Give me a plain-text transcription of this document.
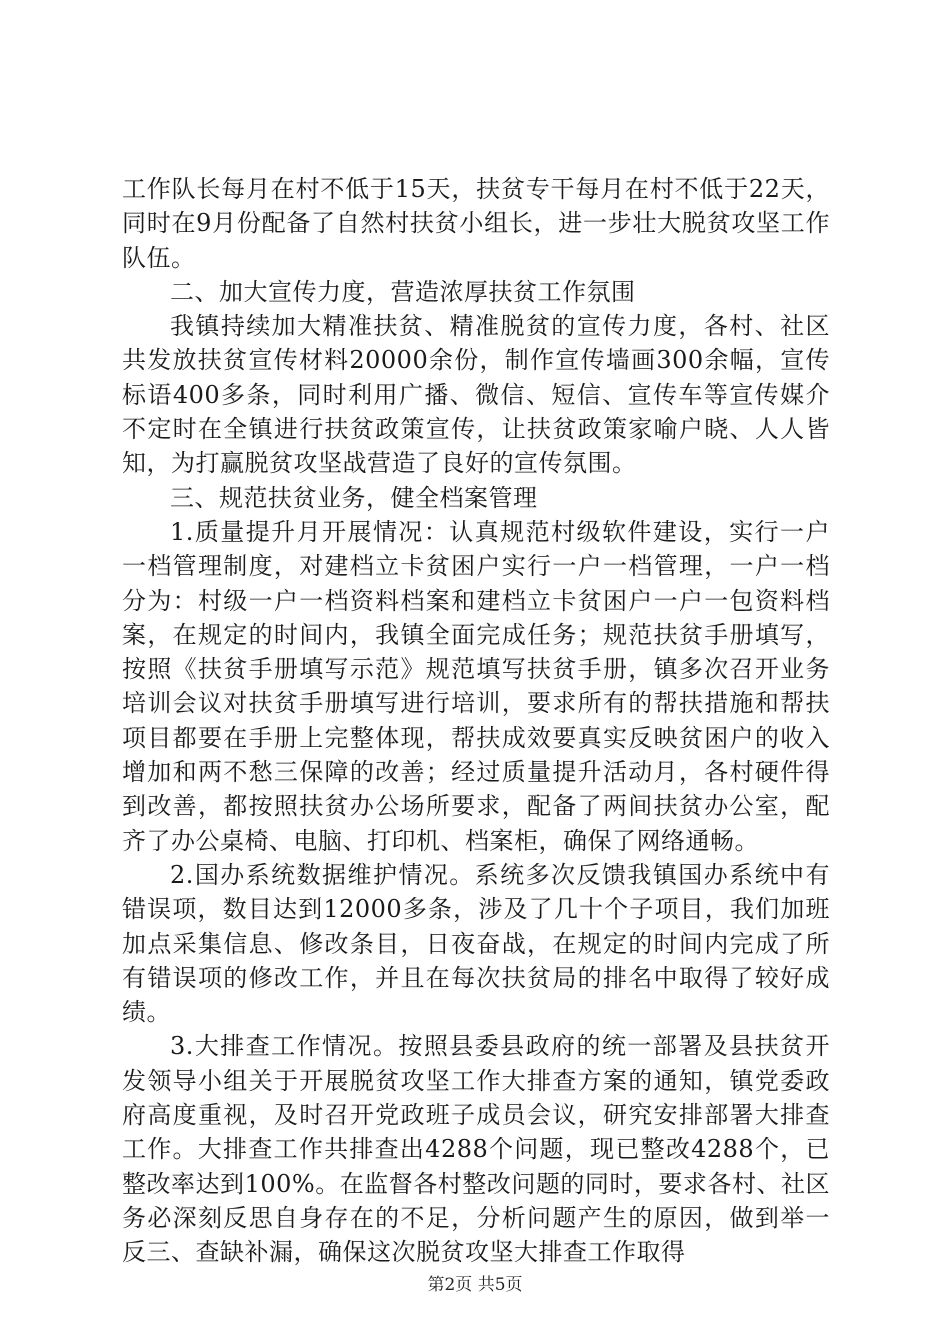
工作队长每月在村不低于15天，扶贫专干每月在村不低于22天，同时在9月份配备了自然村扶贫小组长，进一步壮大脱贫攻坚工作队伍。

二、加大宣传力度，营造浓厚扶贫工作氛围

我镇持续加大精准扶贫、精准脱贫的宣传力度，各村、社区共发放扶贫宣传材料20000余份，制作宣传墙画300余幅，宣传标语400多条，同时利用广播、微信、短信、宣传车等宣传媒介不定时在全镇进行扶贫政策宣传，让扶贫政策家喻户晓、人人皆知，为打赢脱贫攻坚战营造了良好的宣传氛围。

三、规范扶贫业务，健全档案管理

1.质量提升月开展情况：认真规范村级软件建设，实行一户一档管理制度，对建档立卡贫困户实行一户一档管理，一户一档分为：村级一户一档资料档案和建档立卡贫困户一户一包资料档案，在规定的时间内，我镇全面完成任务；规范扶贫手册填写，按照《扶贫手册填写示范》规范填写扶贫手册，镇多次召开业务培训会议对扶贫手册填写进行培训，要求所有的帮扶措施和帮扶项目都要在手册上完整体现，帮扶成效要真实反映贫困户的收入增加和两不愁三保障的改善；经过质量提升活动月，各村硬件得到改善，都按照扶贫办公场所要求，配备了两间扶贫办公室，配齐了办公桌椅、电脑、打印机、档案柜，确保了网络通畅。

2.国办系统数据维护情况。系统多次反馈我镇国办系统中有错误项，数目达到12000多条，涉及了几十个子项目，我们加班加点采集信息、修改条目，日夜奋战，在规定的时间内完成了所有错误项的修改工作，并且在每次扶贫局的排名中取得了较好成绩。

3.大排查工作情况。按照县委县政府的统一部署及县扶贫开发领导小组关于开展脱贫攻坚工作大排查方案的通知，镇党委政府高度重视，及时召开党政班子成员会议，研究安排部署大排查工作。大排查工作共排查出4288个问题，现已整改4288个，已整改率达到100%。在监督各村整改问题的同时，要求各村、社区务必深刻反思自身存在的不足，分析问题产生的原因，做到举一反三、查缺补漏，确保这次脱贫攻坚大排查工作取得

第2页 共5页
